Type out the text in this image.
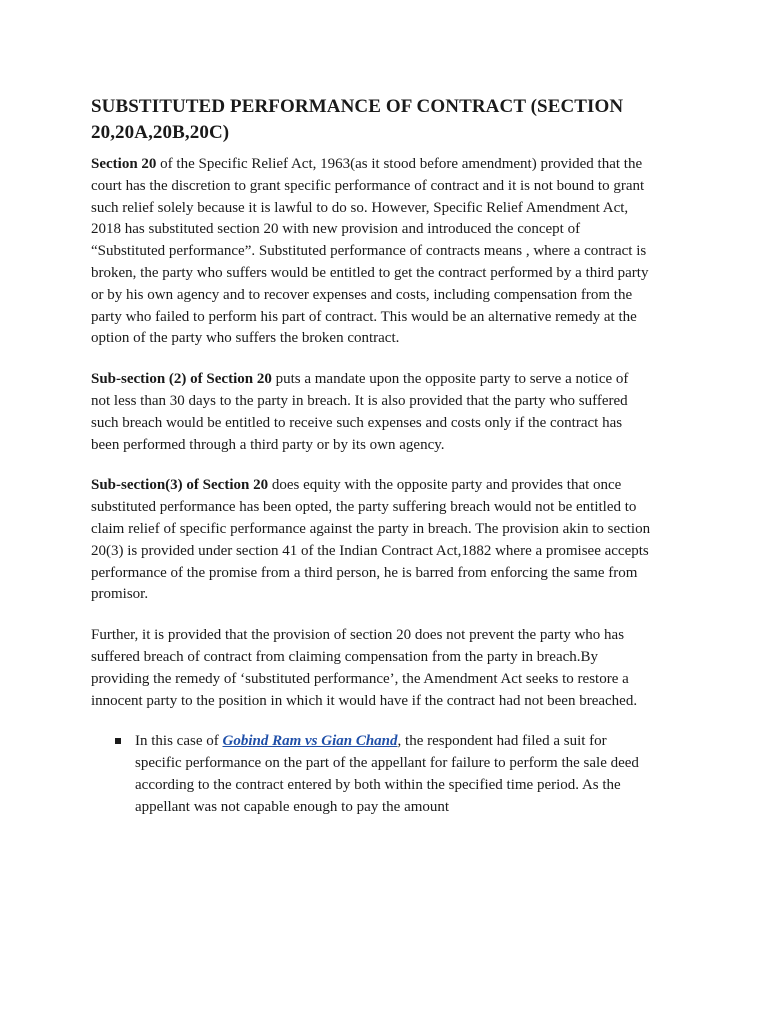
SUBSTITUTED PERFORMANCE OF CONTRACT (SECTION 20,20A,20B,20C)

Section 20 of the Specific Relief Act, 1963(as it stood before amendment) provided that the court has the discretion to grant specific performance of contract and it is not bound to grant such relief solely because it is lawful to do so. However, Specific Relief Amendment Act, 2018 has substituted section 20 with new provision and introduced the concept of “Substituted performance”. Substituted performance of contracts means , where a contract is broken, the party who suffers would be entitled to get the contract performed by a third party or by his own agency and to recover expenses and costs, including compensation from the party who failed to perform his part of contract. This would be an alternative remedy at the option of the party who suffers the broken contract.

Sub-section (2) of Section 20 puts a mandate upon the opposite party to serve a notice of not less than 30 days to the party in breach. It is also provided that the party who suffered such breach would be entitled to receive such expenses and costs only if the contract has been performed through a third party or by its own agency.

Sub-section(3) of Section 20 does equity with the opposite party and provides that once substituted performance has been opted, the party suffering breach would not be entitled to claim relief of specific performance against the party in breach. The provision akin to section 20(3) is provided under section 41 of the Indian Contract Act,1882 where a promisee accepts performance of the promise from a third person, he is barred from enforcing the same from promisor.

Further, it is provided that the provision of section 20 does not prevent the party who has suffered breach of contract from claiming compensation from the party in breach.By providing the remedy of ‘substituted performance’, the Amendment Act seeks to restore a innocent party to the position in which it would have if the contract had not been breached.

In this case of Gobind Ram vs Gian Chand, the respondent had filed a suit for specific performance on the part of the appellant for failure to perform the sale deed according to the contract entered by both within the specified time period. As the appellant was not capable enough to pay the amount
